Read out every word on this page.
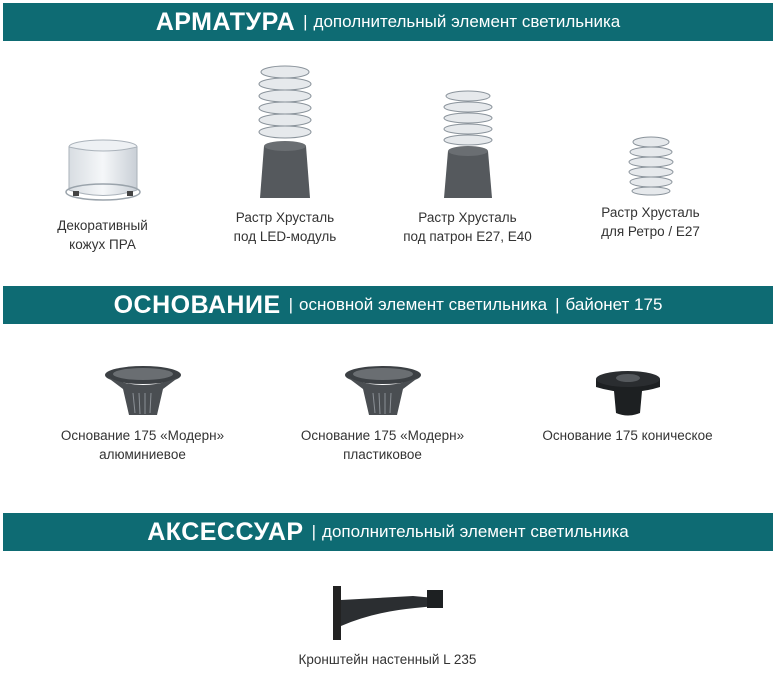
АРМАТУРА | дополнительный элемент светильника
Декоративный
кожух ПРА
Растр Хрусталь
под LED-модуль
Растр Хрусталь
под патрон E27, E40
Растр Хрусталь
для Ретро / E27
ОСНОВАНИЕ | основной элемент светильника | байонет 175
Основание 175 «Модерн»
алюминиевое
Основание 175 «Модерн»
пластиковое
Основание 175 коническое
АКСЕССУАР | дополнительный элемент светильника
Кронштейн настенный L 235
